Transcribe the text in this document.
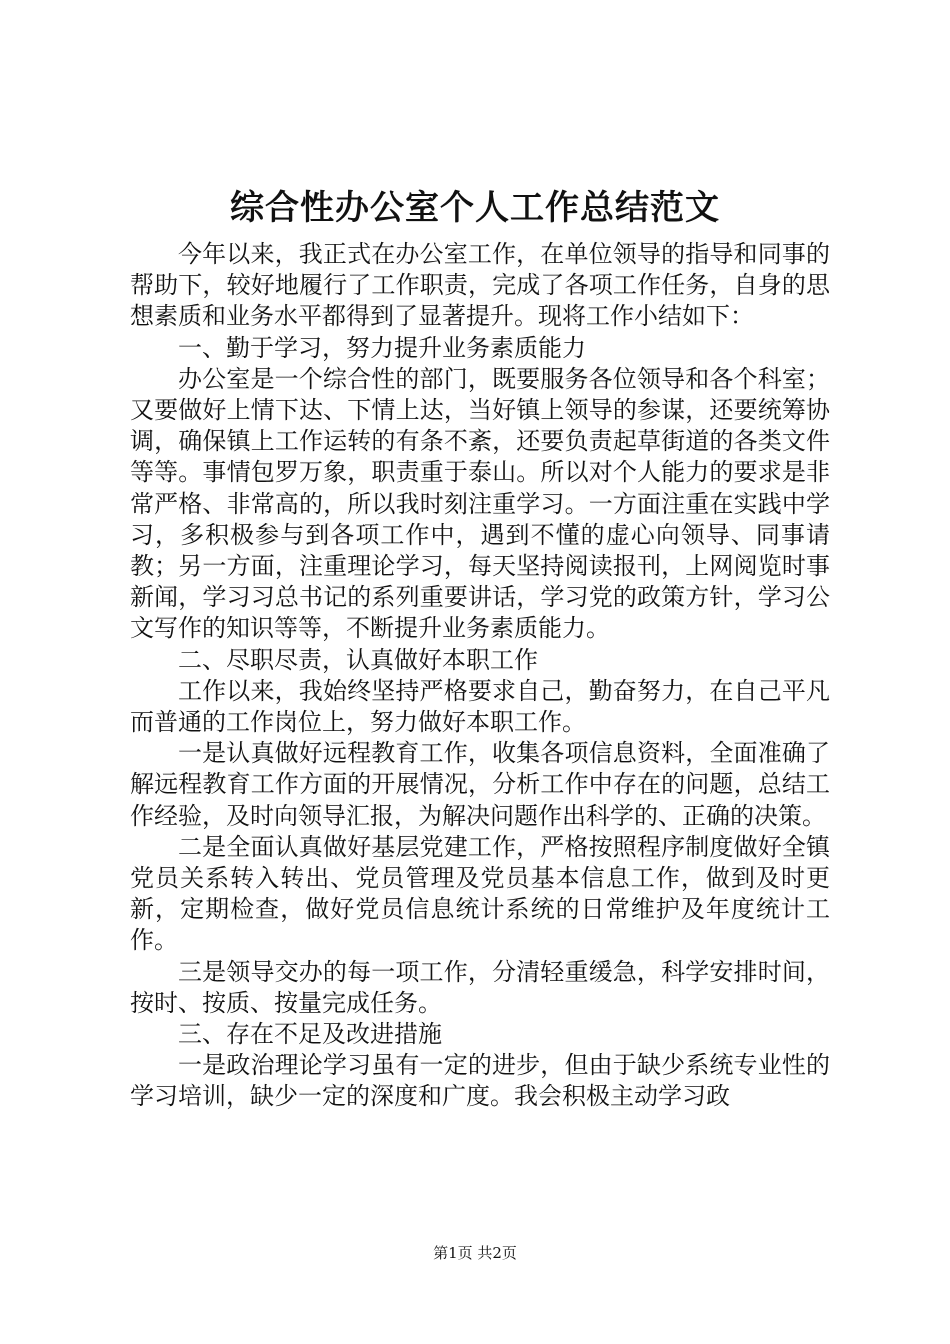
综合性办公室个人工作总结范文

今年以来，我正式在办公室工作，在单位领导的指导和同事的帮助下，较好地履行了工作职责，完成了各项工作任务，自身的思想素质和业务水平都得到了显著提升。现将工作小结如下：

一、勤于学习，努力提升业务素质能力

办公室是一个综合性的部门，既要服务各位领导和各个科室；又要做好上情下达、下情上达，当好镇上领导的参谋，还要统筹协调，确保镇上工作运转的有条不紊，还要负责起草街道的各类文件等等。事情包罗万象，职责重于泰山。所以对个人能力的要求是非常严格、非常高的，所以我时刻注重学习。一方面注重在实践中学习，多积极参与到各项工作中，遇到不懂的虚心向领导、同事请教；另一方面，注重理论学习，每天坚持阅读报刊，上网阅览时事新闻，学习习总书记的系列重要讲话，学习党的政策方针，学习公文写作的知识等等，不断提升业务素质能力。

二、尽职尽责，认真做好本职工作

工作以来，我始终坚持严格要求自己，勤奋努力，在自己平凡而普通的工作岗位上，努力做好本职工作。

一是认真做好远程教育工作，收集各项信息资料，全面准确了解远程教育工作方面的开展情况，分析工作中存在的问题，总结工作经验，及时向领导汇报，为解决问题作出科学的、正确的决策。

二是全面认真做好基层党建工作，严格按照程序制度做好全镇党员关系转入转出、党员管理及党员基本信息工作，做到及时更新，定期检查，做好党员信息统计系统的日常维护及年度统计工作。

三是领导交办的每一项工作，分清轻重缓急，科学安排时间，按时、按质、按量完成任务。

三、存在不足及改进措施

一是政治理论学习虽有一定的进步，但由于缺少系统专业性的学习培训，缺少一定的深度和广度。我会积极主动学习政

第1页 共2页
